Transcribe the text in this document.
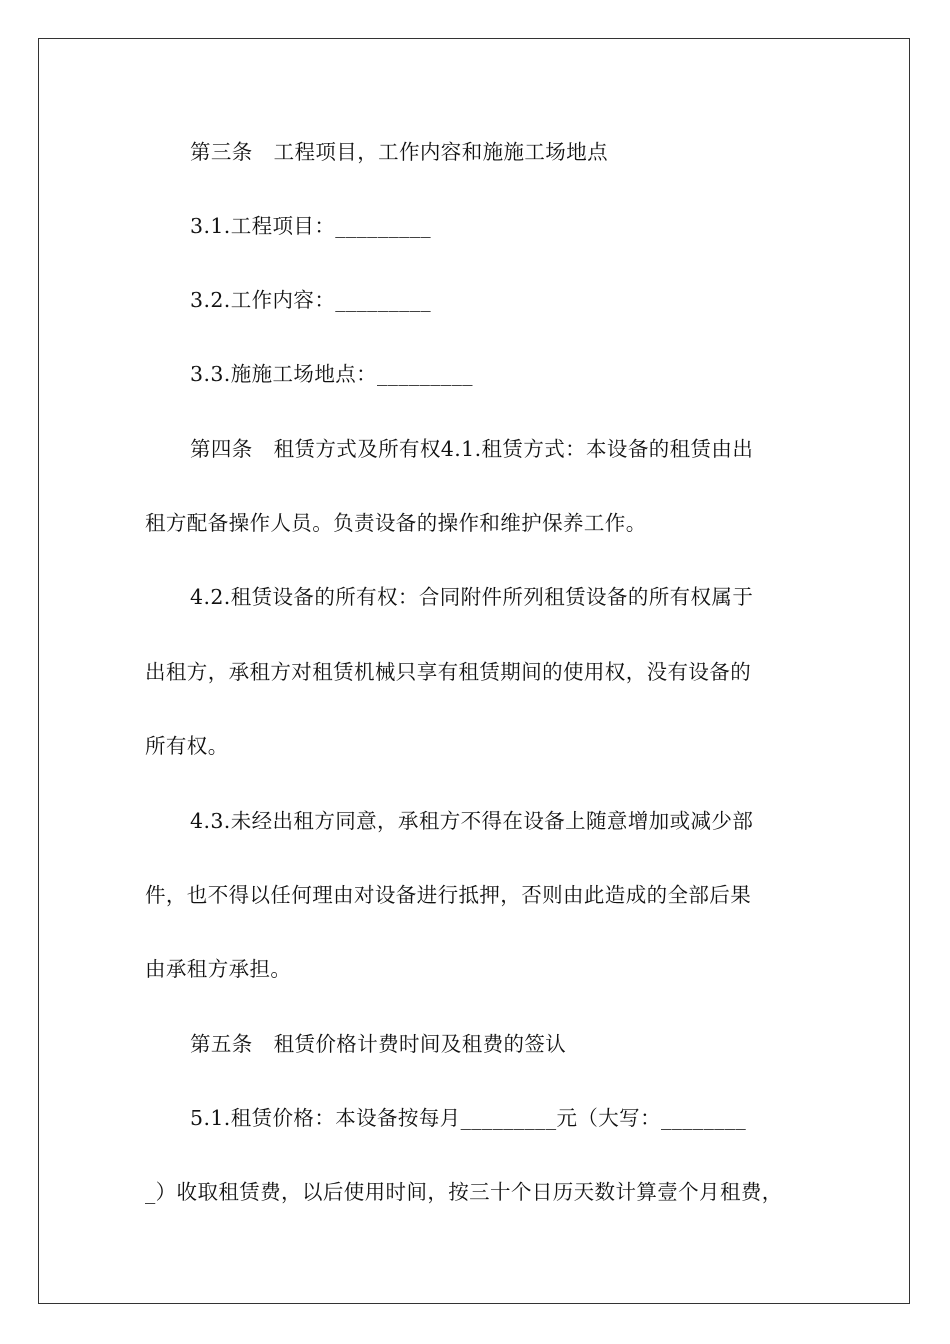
第三条　工程项目，工作内容和施施工场地点
3.1.工程项目：_________
3.2.工作内容：_________
3.3.施施工场地点：_________
第四条　租赁方式及所有权4.1.租赁方式：本设备的租赁由出
租方配备操作人员。负责设备的操作和维护保养工作。
4.2.租赁设备的所有权：合同附件所列租赁设备的所有权属于
出租方，承租方对租赁机械只享有租赁期间的使用权，没有设备的
所有权。
4.3.未经出租方同意，承租方不得在设备上随意增加或减少部
件，也不得以任何理由对设备进行抵押，否则由此造成的全部后果
由承租方承担。
第五条　租赁价格计费时间及租费的签认
5.1.租赁价格：本设备按每月_________元（大写：________
_）收取租赁费，以后使用时间，按三十个日历天数计算壹个月租费，
